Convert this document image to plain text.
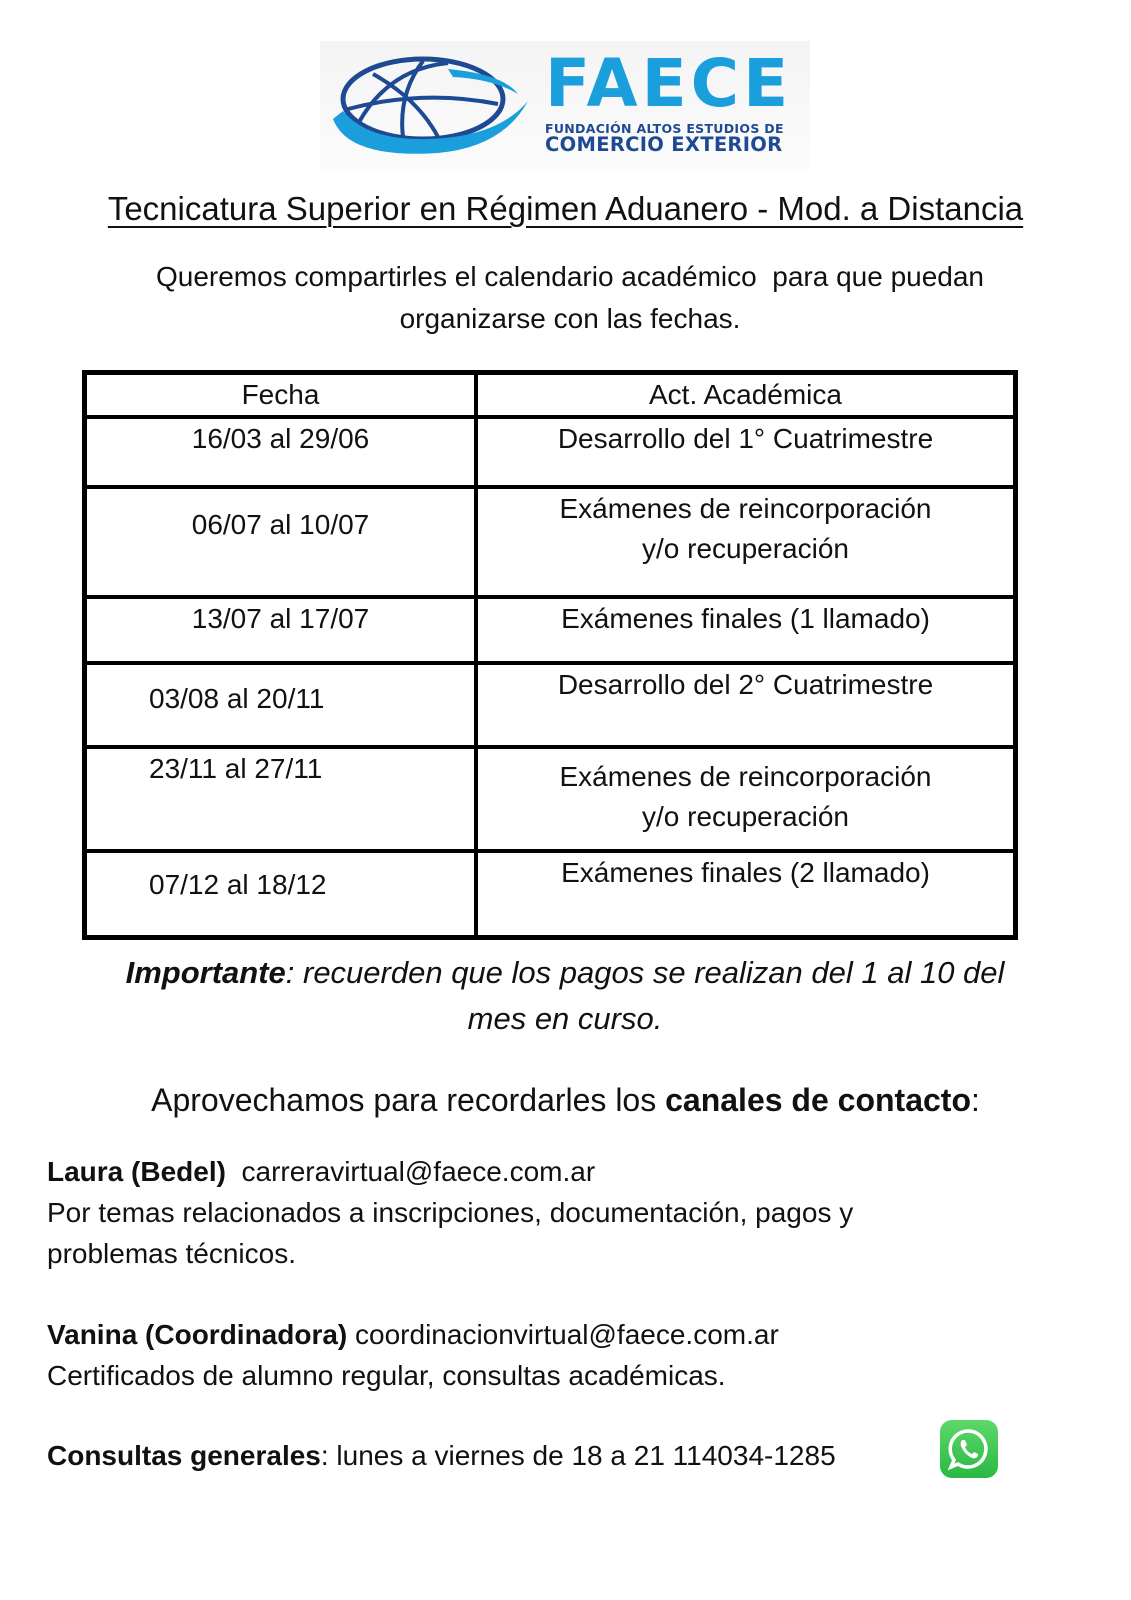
FAECE
FUNDACIÓN ALTOS ESTUDIOS DE
COMERCIO EXTERIOR
Tecnicatura Superior en Régimen Aduanero - Mod. a Distancia
Queremos compartirles el calendario académico  para que puedan
organizarse con las fechas.
Fecha	Act. Académica
16/03 al 29/06	Desarrollo del 1° Cuatrimestre
06/07 al 10/07	Exámenes de reincorporación y/o recuperación
13/07 al 17/07	Exámenes finales (1 llamado)
03/08 al 20/11	Desarrollo del 2° Cuatrimestre
23/11 al 27/11	Exámenes de reincorporación y/o recuperación
07/12 al 18/12	Exámenes finales (2 llamado)
Importante: recuerden que los pagos se realizan del 1 al 10 del
mes en curso.
Aprovechamos para recordarles los canales de contacto:
Laura (Bedel) carreravirtual@faece.com.ar
Por temas relacionados a inscripciones, documentación, pagos y
problemas técnicos.
Vanina (Coordinadora) coordinacionvirtual@faece.com.ar
Certificados de alumno regular, consultas académicas.
Consultas generales: lunes a viernes de 18 a 21 114034-1285
